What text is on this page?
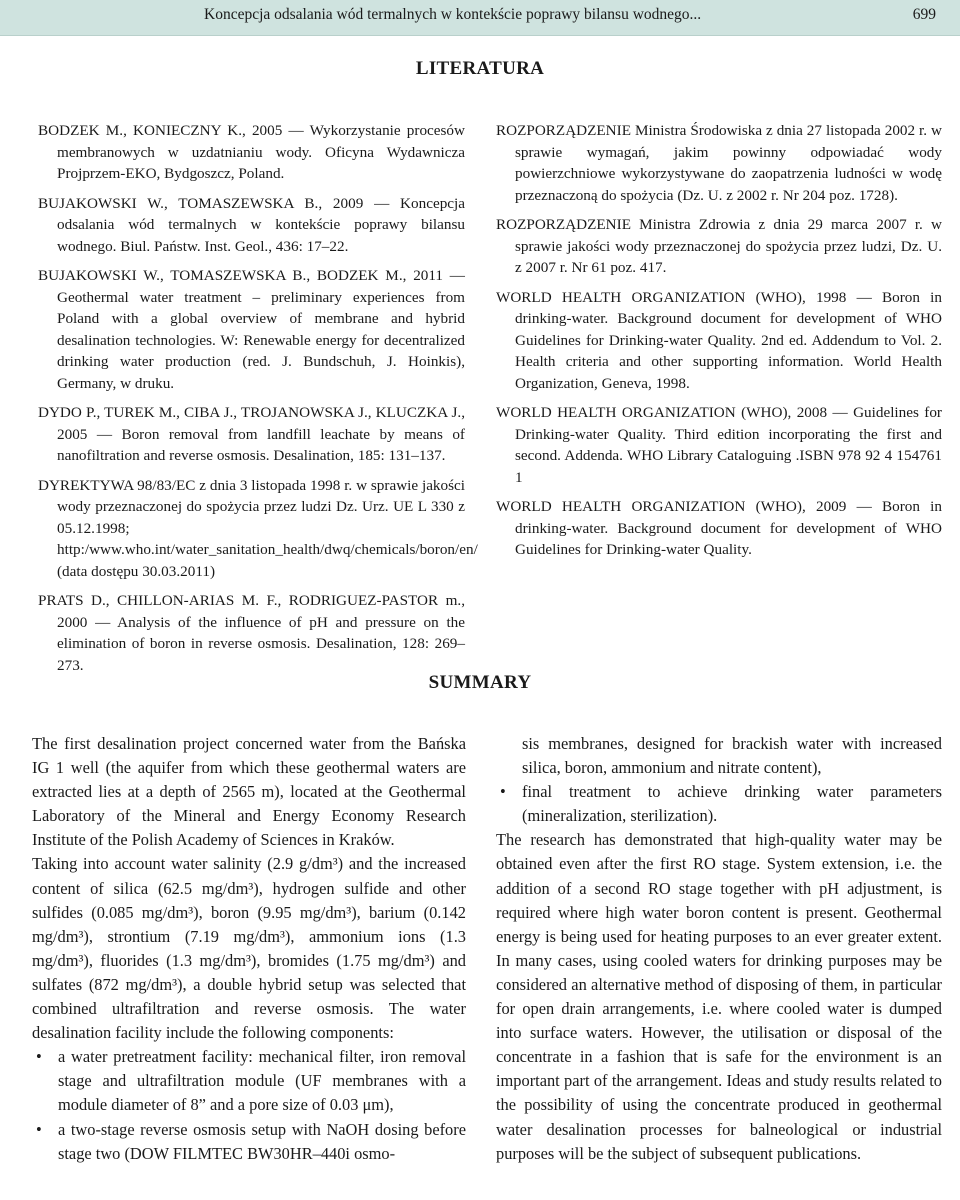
Koncepcja odsalania wód termalnych w kontekście poprawy bilansu wodnego...	699
LITERATURA

BODZEK M., KONIECZNY K., 2005 — Wykorzystanie procesów membranowych w uzdatnianiu wody. Oficyna Wydawnicza Projprzem-EKO, Bydgoszcz, Poland.

BUJAKOWSKI W., TOMASZEWSKA B., 2009 — Koncepcja odsalania wód termalnych w kontekście poprawy bilansu wodnego. Biul. Państw. Inst. Geol., 436: 17–22.

BUJAKOWSKI W., TOMASZEWSKA B., BODZEK M., 2011 — Geothermal water treatment – preliminary experiences from Poland with a global overview of membrane and hybrid desalination technologies. W: Renewable energy for decentralized drinking water production (red. J. Bundschuh, J. Hoinkis), Germany, w druku.

DYDO P., TUREK M., CIBA J., TROJANOWSKA J., KLUCZKA J., 2005 — Boron removal from landfill leachate by means of nanofiltration and reverse osmosis. Desalination, 185: 131–137.

DYREKTYWA 98/83/EC z dnia 3 listopada 1998 r. w sprawie jakości wody przeznaczonej do spożycia przez ludzi Dz. Urz. UE L 330 z 05.12.1998; http:/www.who.int/water_sanitation_health/dwq/chemicals/boron/en/ (data dostępu 30.03.2011)

PRATS D., CHILLON-ARIAS M. F., RODRIGUEZ-PASTOR m., 2000 — Analysis of the influence of pH and pressure on the elimination of boron in reverse osmosis. Desalination, 128: 269–273.

ROZPORZĄDZENIE Ministra Środowiska z dnia 27 listopada 2002 r. w sprawie wymagań, jakim powinny odpowiadać wody powierzchniowe wykorzystywane do zaopatrzenia ludności w wodę przeznaczoną do spożycia (Dz. U. z 2002 r. Nr 204 poz. 1728).

ROZPORZĄDZENIE Ministra Zdrowia z dnia 29 marca 2007 r. w sprawie jakości wody przeznaczonej do spożycia przez ludzi, Dz. U. z 2007 r. Nr 61 poz. 417.

WORLD HEALTH ORGANIZATION (WHO), 1998 — Boron in drinking-water. Background document for development of WHO Guidelines for Drinking-water Quality. 2nd ed. Addendum to Vol. 2. Health criteria and other supporting information. World Health Organization, Geneva, 1998.

WORLD HEALTH ORGANIZATION (WHO), 2008 — Guidelines for Drinking-water Quality. Third edition incorporating the first and second. Addenda. WHO Library Cataloguing .ISBN 978 92 4 154761 1

WORLD HEALTH ORGANIZATION (WHO), 2009 — Boron in drinking-water. Background document for development of WHO Guidelines for Drinking-water Quality.

SUMMARY

The first desalination project concerned water from the Bańska IG 1 well (the aquifer from which these geothermal waters are extracted lies at a depth of 2565 m), located at the Geothermal Laboratory of the Mineral and Energy Economy Research Institute of the Polish Academy of Sciences in Kraków.

Taking into account water salinity (2.9 g/dm³) and the increased content of silica (62.5 mg/dm³), hydrogen sulfide and other sulfides (0.085 mg/dm³), boron (9.95 mg/dm³), barium (0.142 mg/dm³), strontium (7.19 mg/dm³), ammonium ions (1.3 mg/dm³), fluorides (1.3 mg/dm³), bromides (1.75 mg/dm³) and sulfates (872 mg/dm³), a double hybrid setup was selected that combined ultrafiltration and reverse osmosis. The water desalination facility include the following components:

• a water pretreatment facility: mechanical filter, iron removal stage and ultrafiltration module (UF membranes with a module diameter of 8” and a pore size of 0.03 μm),
• a two-stage reverse osmosis setup with NaOH dosing before stage two (DOW FILMTEC BW30HR–440i osmo-

sis membranes, designed for brackish water with increased silica, boron, ammonium and nitrate content),

• final treatment to achieve drinking water parameters (mineralization, sterilization).

The research has demonstrated that high-quality water may be obtained even after the first RO stage. System extension, i.e. the addition of a second RO stage together with pH adjustment, is required where high water boron content is present. Geothermal energy is being used for heating purposes to an ever greater extent. In many cases, using cooled waters for drinking purposes may be considered an alternative method of disposing of them, in particular for open drain arrangements, i.e. where cooled water is dumped into surface waters. However, the utilisation or disposal of the concentrate in a fashion that is safe for the environment is an important part of the arrangement. Ideas and study results related to the possibility of using the concentrate produced in geothermal water desalination processes for balneological or industrial purposes will be the subject of subsequent publications.
